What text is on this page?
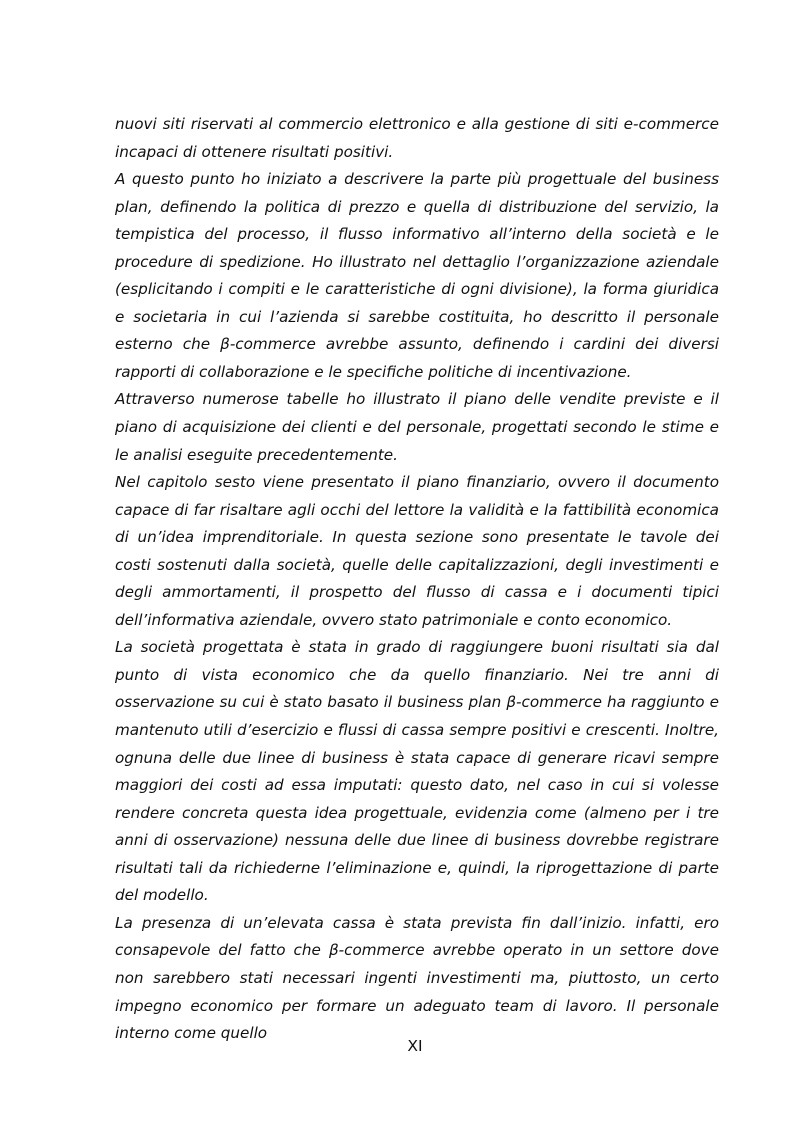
nuovi siti riservati al commercio elettronico e alla gestione di siti e-commerce incapaci di ottenere risultati positivi.

A questo punto ho iniziato a descrivere la parte più progettuale del business plan, definendo la politica di prezzo e quella di distribuzione del servizio, la tempistica del processo, il flusso informativo all’interno della società e le procedure di spedizione. Ho illustrato nel dettaglio l’organizzazione aziendale (esplicitando i compiti e le caratteristiche di ogni divisione), la forma giuridica e societaria in cui l’azienda si sarebbe costituita, ho descritto il personale esterno che β-commerce avrebbe assunto, definendo i cardini dei diversi rapporti di collaborazione e le specifiche politiche di incentivazione.

Attraverso numerose tabelle ho illustrato il piano delle vendite previste e il piano di acquisizione dei clienti e del personale, progettati secondo le stime e le analisi eseguite precedentemente.

Nel capitolo sesto viene presentato il piano finanziario, ovvero il documento capace di far risaltare agli occhi del lettore la validità e la fattibilità economica di un’idea imprenditoriale. In questa sezione sono presentate le tavole dei costi sostenuti dalla società, quelle delle capitalizzazioni, degli investimenti e degli ammortamenti, il prospetto del flusso di cassa e i documenti tipici dell’informativa aziendale, ovvero stato patrimoniale e conto economico.

La società progettata è stata in grado di raggiungere buoni risultati sia dal punto di vista economico che da quello finanziario. Nei tre anni di osservazione su cui è stato basato il business plan β-commerce ha raggiunto e mantenuto utili d’esercizio e flussi di cassa sempre positivi e crescenti. Inoltre, ognuna delle due linee di business è stata capace di generare ricavi sempre maggiori dei costi ad essa imputati: questo dato, nel caso in cui si volesse rendere concreta questa idea progettuale, evidenzia come (almeno per i tre anni di osservazione) nessuna delle due linee di business dovrebbe registrare risultati tali da richiederne l’eliminazione e, quindi, la riprogettazione di parte del modello.

La presenza di un’elevata cassa è stata prevista fin dall’inizio. infatti, ero consapevole del fatto che β-commerce avrebbe operato in un settore dove non sarebbero stati necessari ingenti investimenti ma, piuttosto, un certo impegno economico per formare un adeguato team di lavoro. Il personale interno come quello

XI
